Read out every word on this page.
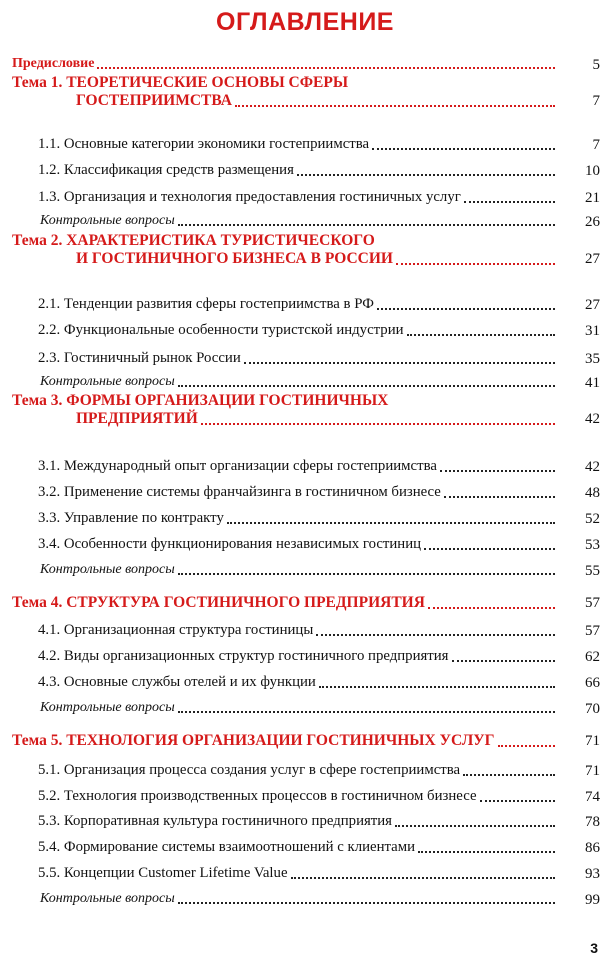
ОГЛАВЛЕНИЕ
Предисловие	5
Тема 1. ТЕОРЕТИЧЕСКИЕ ОСНОВЫ СФЕРЫ
ГОСТЕПРИИМСТВА	7
1.1. Основные категории экономики гостеприимства	7
1.2. Классификация средств размещения	10
1.3. Организация и технология предоставления гостиничных услуг	21
Контрольные вопросы	26
Тема 2. ХАРАКТЕРИСТИКА ТУРИСТИЧЕСКОГО
И ГОСТИНИЧНОГО БИЗНЕСА В РОССИИ	27
2.1. Тенденции развития сферы гостеприимства в РФ	27
2.2. Функциональные особенности туристской индустрии	31
2.3. Гостиничный рынок России	35
Контрольные вопросы	41
Тема 3. ФОРМЫ ОРГАНИЗАЦИИ ГОСТИНИЧНЫХ
ПРЕДПРИЯТИЙ	42
3.1. Международный опыт организации сферы гостеприимства	42
3.2. Применение системы франчайзинга в гостиничном бизнесе	48
3.3. Управление по контракту	52
3.4. Особенности функционирования независимых гостиниц	53
Контрольные вопросы	55
Тема 4. СТРУКТУРА ГОСТИНИЧНОГО ПРЕДПРИЯТИЯ	57
4.1. Организационная структура гостиницы	57
4.2. Виды организационных структур гостиничного предприятия	62
4.3. Основные службы отелей и их функции	66
Контрольные вопросы	70
Тема 5. ТЕХНОЛОГИЯ ОРГАНИЗАЦИИ ГОСТИНИЧНЫХ УСЛУГ	71
5.1. Организация процесса создания услуг в сфере гостеприимства	71
5.2. Технология производственных процессов в гостиничном бизнесе	74
5.3. Корпоративная культура гостиничного предприятия	78
5.4. Формирование системы взаимоотношений с клиентами	86
5.5. Концепции Customer Lifetime Value	93
Контрольные вопросы	99
3
